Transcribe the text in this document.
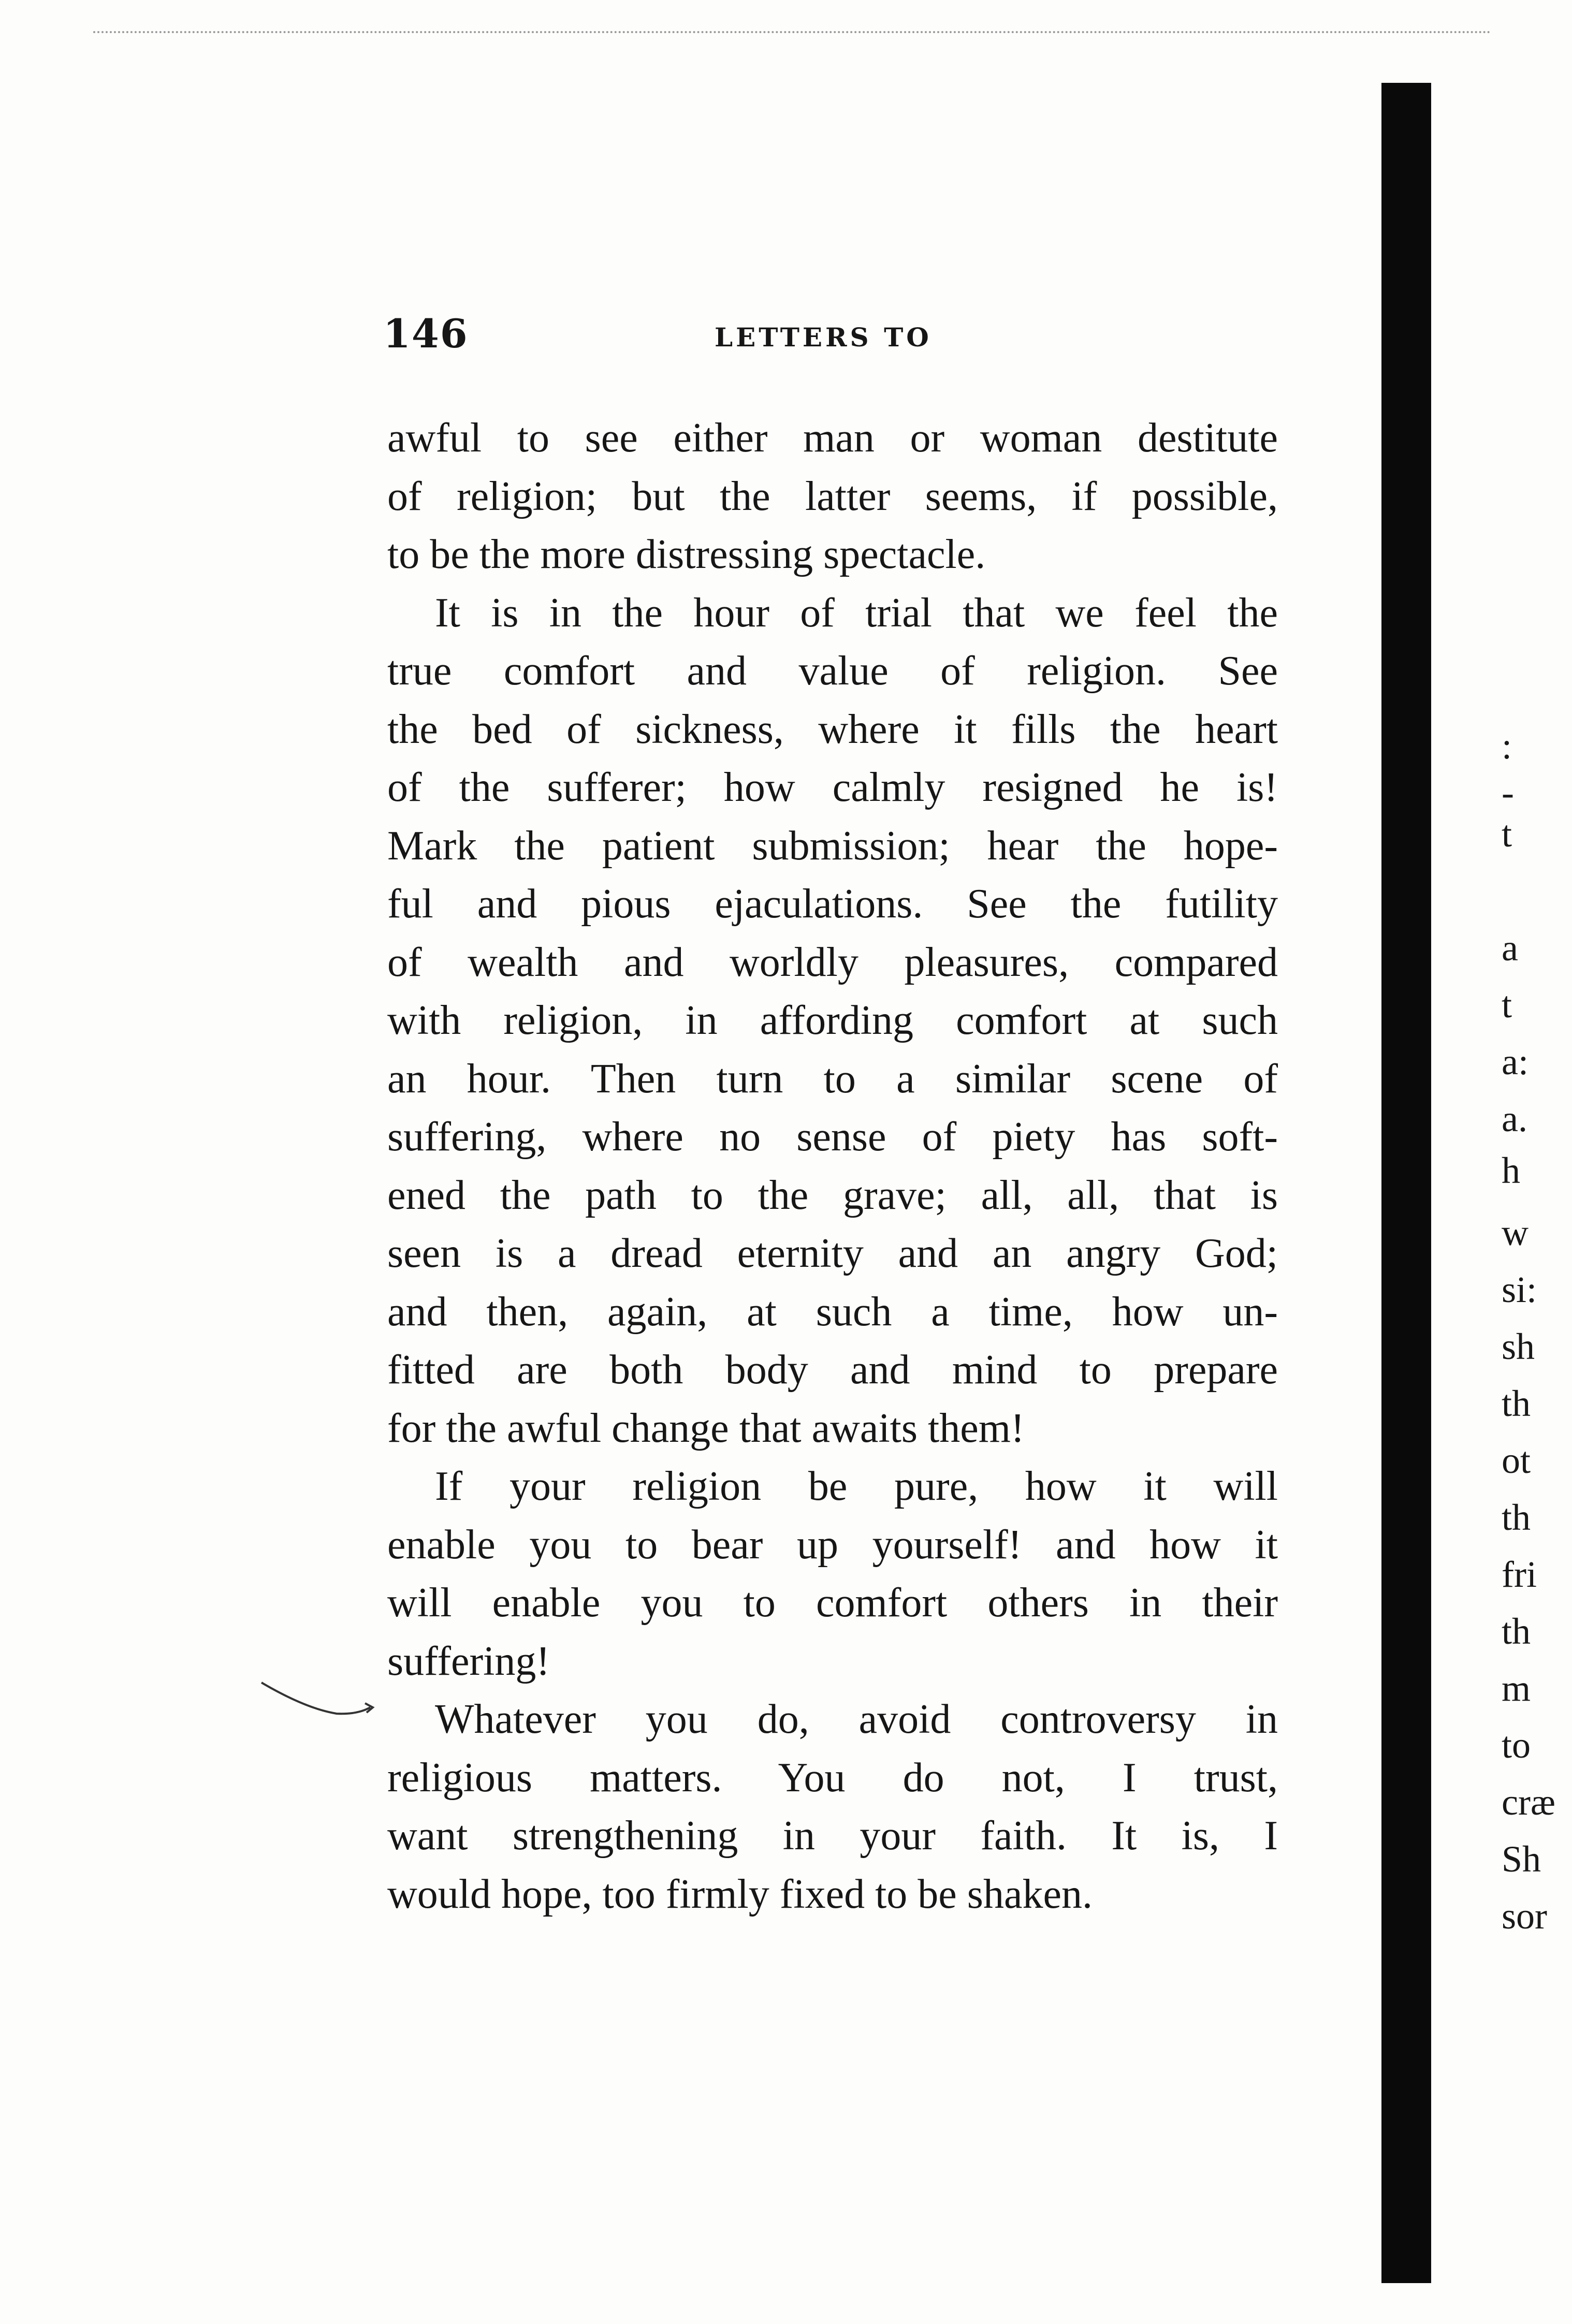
146	LETTERS TO
awful to see either man or woman destitute
of religion; but the latter seems, if possible,
to be the more distressing spectacle.
It is in the hour of trial that we feel the
true comfort and value of religion. See
the bed of sickness, where it fills the heart
of the sufferer; how calmly resigned he is!
Mark the patient submission; hear the hope-
ful and pious ejaculations. See the futility
of wealth and worldly pleasures, compared
with religion, in affording comfort at such
an hour. Then turn to a similar scene of
suffering, where no sense of piety has soft-
ened the path to the grave; all, all, that is
seen is a dread eternity and an angry God;
and then, again, at such a time, how un-
fitted are both body and mind to prepare
for the awful change that awaits them!
If your religion be pure, how it will
enable you to bear up yourself! and how it
will enable you to comfort others in their
suffering!
Whatever you do, avoid controversy in
religious matters. You do not, I trust,
want strengthening in your faith. It is, I
would hope, too firmly fixed to be shaken.
:
-
t
a
t
a:
a.
h
w
si:
sh
th
ot
th
fri
th
m
to
cræ
Sh
sor
